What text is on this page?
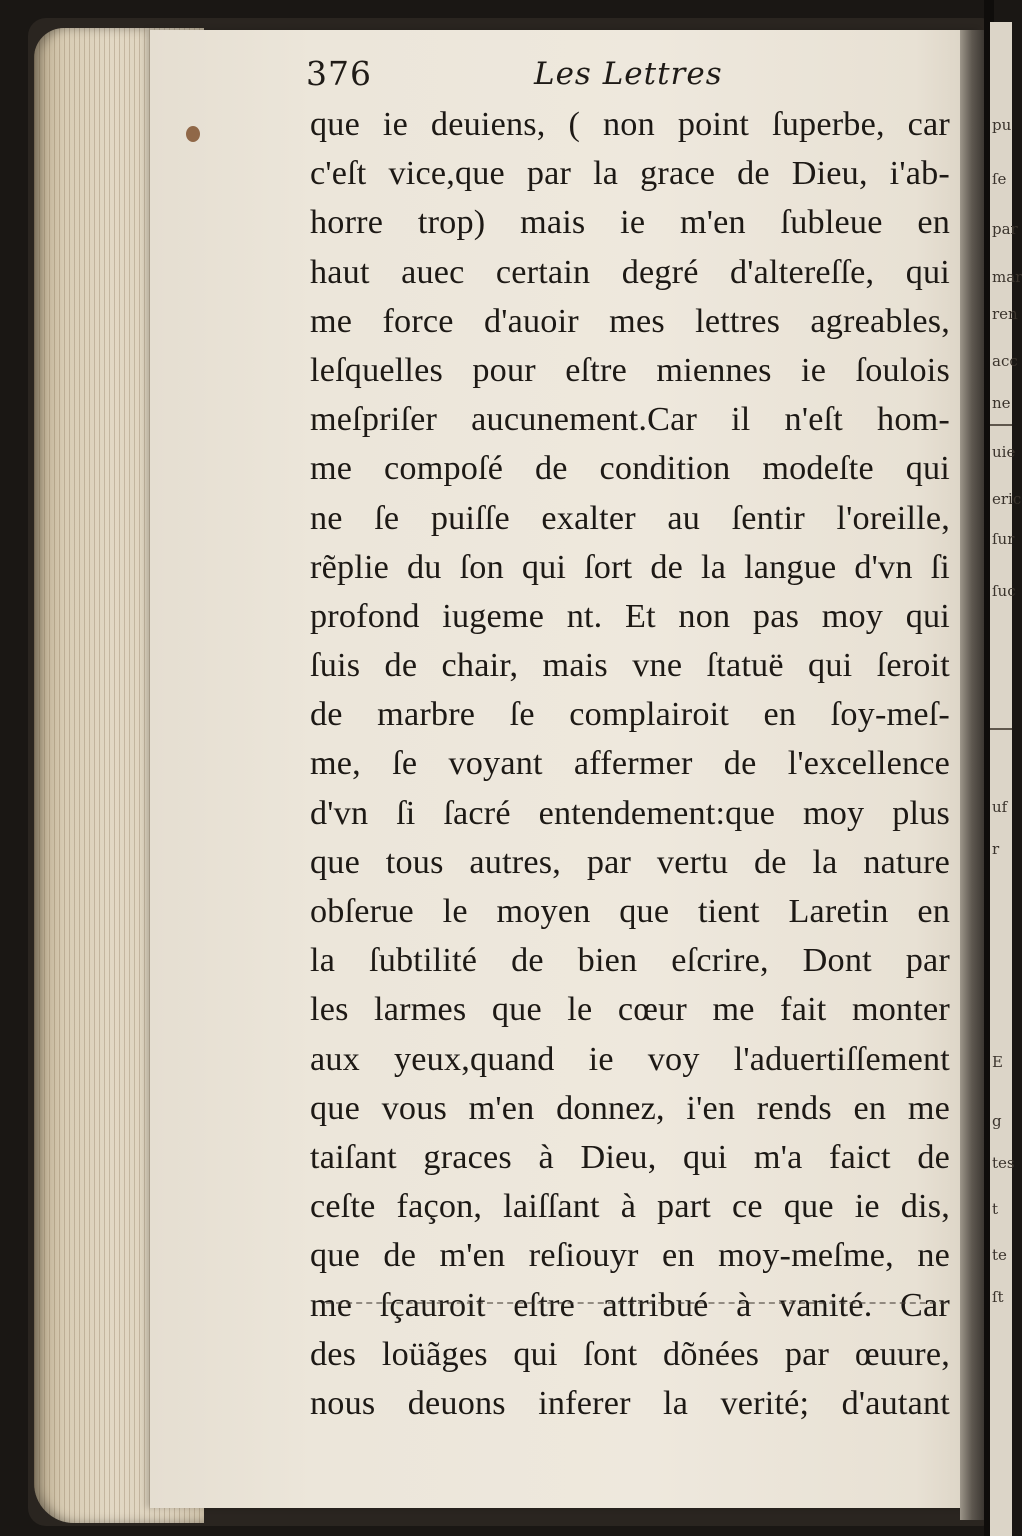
pu
ſe
par
mar
ren
acc
ne
uie
eric
ſur
ſuc
uf
r
E
g
tes
t
te
ſt
376	Les Lettres
que ie deuiens, ( non point ſuperbe, car
c'eſt vice,que par la grace de Dieu, i'ab-
horre trop) mais ie m'en ſubleue en
haut auec certain degré d'altereſſe, qui
me force d'auoir mes lettres agreables,
leſquelles pour eſtre miennes ie ſoulois
meſpriſer aucunement.Car il n'eſt hom-
me compoſé de condition modeſte qui
ne ſe puiſſe exalter au ſentir l'oreille,
rẽplie du ſon qui ſort de la langue d'vn ſi
profond iugeme nt. Et non pas moy qui
ſuis de chair, mais vne ſtatuë qui ſeroit
de marbre ſe complairoit en ſoy-meſ-
me, ſe voyant affermer de l'excellence
d'vn ſi ſacré entendement:que moy plus
que tous autres, par vertu de la nature
obſerue le moyen que tient Laretin en
la ſubtilité de bien eſcrire, Dont par
les larmes que le cœur me fait monter
aux yeux,quand ie voy l'aduertiſſement
que vous m'en donnez, i'en rends en me
taiſant graces à Dieu, qui m'a faict de
ceſte façon, laiſſant à part ce que ie dis,
que de m'en reſiouyr en moy-meſme, ne
me ſçauroit eſtre attribué à vanité. Car
des loüãges qui ſont dõnées par œuure,
nous deuons inferer la verité; d'autant
